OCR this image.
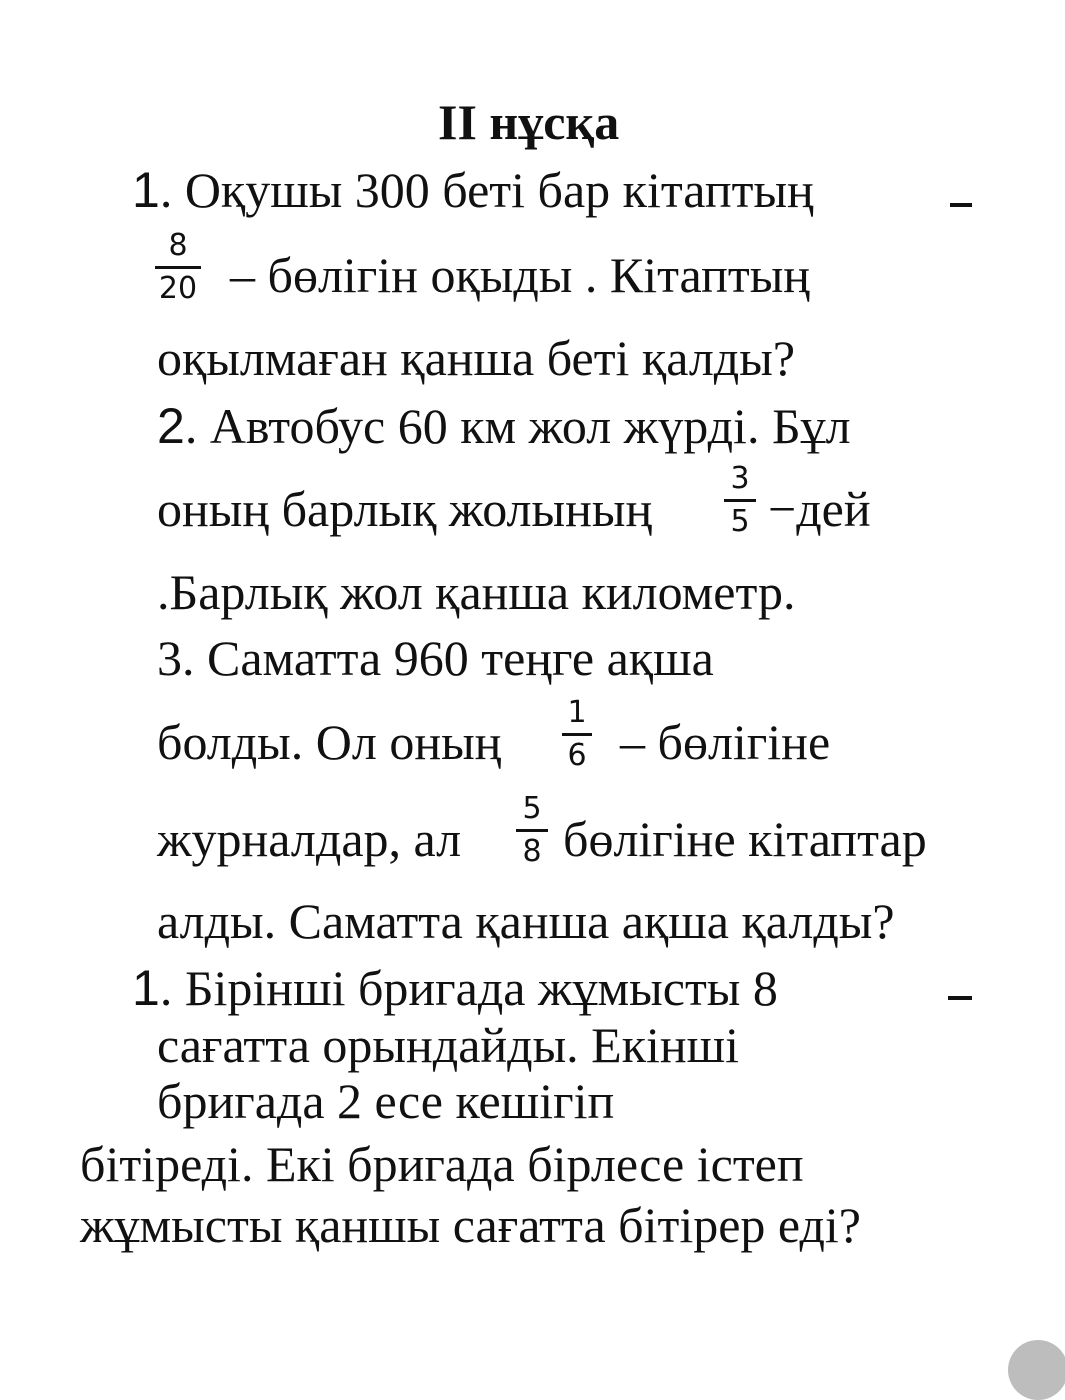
II нұсқа
1. Оқушы 300 беті бар кітаптың
8
20 – бөлігін оқыды . Кітаптың
оқылмаған қанша беті қалды?
2. Автобус 60 км жол жүрді. Бұл
оның барлық жолының
3
5 −дей
.Барлық жол қанша километр.
3. Саматта 960 теңге ақша
болды. Ол оның
1
6 – бөлігіне
журналдар, ал
5
8 бөлігіне кітаптар
алды. Саматта қанша ақша қалды?
1. Бірінші бригада жұмысты 8
сағатта орындайды. Екінші
бригада 2 есе кешігіп
бітіреді. Екі бригада бірлесе істеп
жұмысты қаншы сағатта бітірер еді?
